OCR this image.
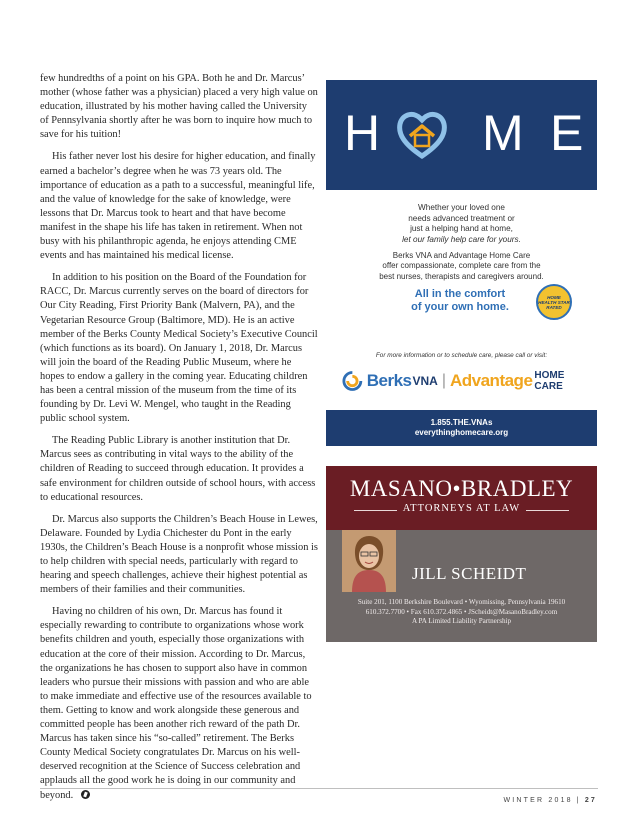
few hundredths of a point on his GPA. Both he and Dr. Marcus’ mother (whose father was a physician) placed a very high value on education, illustrated by his mother having called the University of Pennsylvania shortly after he was born to inquire how much to save for his tuition!

His father never lost his desire for higher education, and finally earned a bachelor’s degree when he was 73 years old. The importance of education as a path to a successful, meaningful life, and the value of knowledge for the sake of knowledge, were lessons that Dr. Marcus took to heart and that have become manifest in the shape his life has taken in retirement. When not busy with his philanthropic agenda, he enjoys attending CME events and has maintained his medical license.

In addition to his position on the Board of the Foundation for RACC, Dr. Marcus currently serves on the board of directors for Our City Reading, First Priority Bank (Malvern, PA), and the Vegetarian Resource Group (Baltimore, MD). He is an active member of the Berks County Medical Society’s Executive Council (which functions as its board). On January 1, 2018, Dr. Marcus will join the board of the Reading Public Museum, where he hopes to endow a gallery in the coming year. Educating children has been a central mission of the museum from the time of its founding by Dr. Levi W. Mengel, who taught in the Reading public school system.

The Reading Public Library is another institution that Dr. Marcus sees as contributing in vital ways to the ability of the children of Reading to succeed through education. It provides a safe environment for children outside of school hours, with access to educational resources.

Dr. Marcus also supports the Children’s Beach House in Lewes, Delaware. Founded by Lydia Chichester du Pont in the early 1930s, the Children’s Beach House is a nonprofit whose mission is to help children with special needs, particularly with regard to hearing and speech challenges, achieve their highest potential as members of their families and their communities.

Having no children of his own, Dr. Marcus has found it especially rewarding to contribute to organizations whose work benefits children and youth, especially those organizations with education at the core of their mission. According to Dr. Marcus, the organizations he has chosen to support also have in common leaders who pursue their missions with passion and who are able to make immediate and effective use of the resources available to them. Getting to know and work alongside these generous and committed people has been another rich reward of the path Dr. Marcus has taken since his “so-called” retirement. The Berks County Medical Society congratulates Dr. Marcus on his well-deserved recognition at the Science of Success celebration and applauds all the good work he is doing in our community and beyond.

H M E
Whether your loved one
needs advanced treatment or
just a helping hand at home,
let our family help care for yours.
Berks VNA and Advantage Home Care
offer compassionate, complete care from the
best nurses, therapists and caregivers around.
All in the comfort
of your own home.
HOME
HEALTH STAR
RATED
For more information or to schedule care, please call or visit:
Berks VNA | Advantage HOME CARE
1.855.THE.VNAs
everythinghomecare.org
MASANO•BRADLEY
ATTORNEYS AT LAW
JILL SCHEIDT
Suite 201, 1100 Berkshire Boulevard • Wyomissing, Pennsylvania 19610
610.372.7700 • Fax 610.372.4865 • JScheidt@MasanoBradley.com
A PA Limited Liability Partnership
WINTER 2018 | 27
